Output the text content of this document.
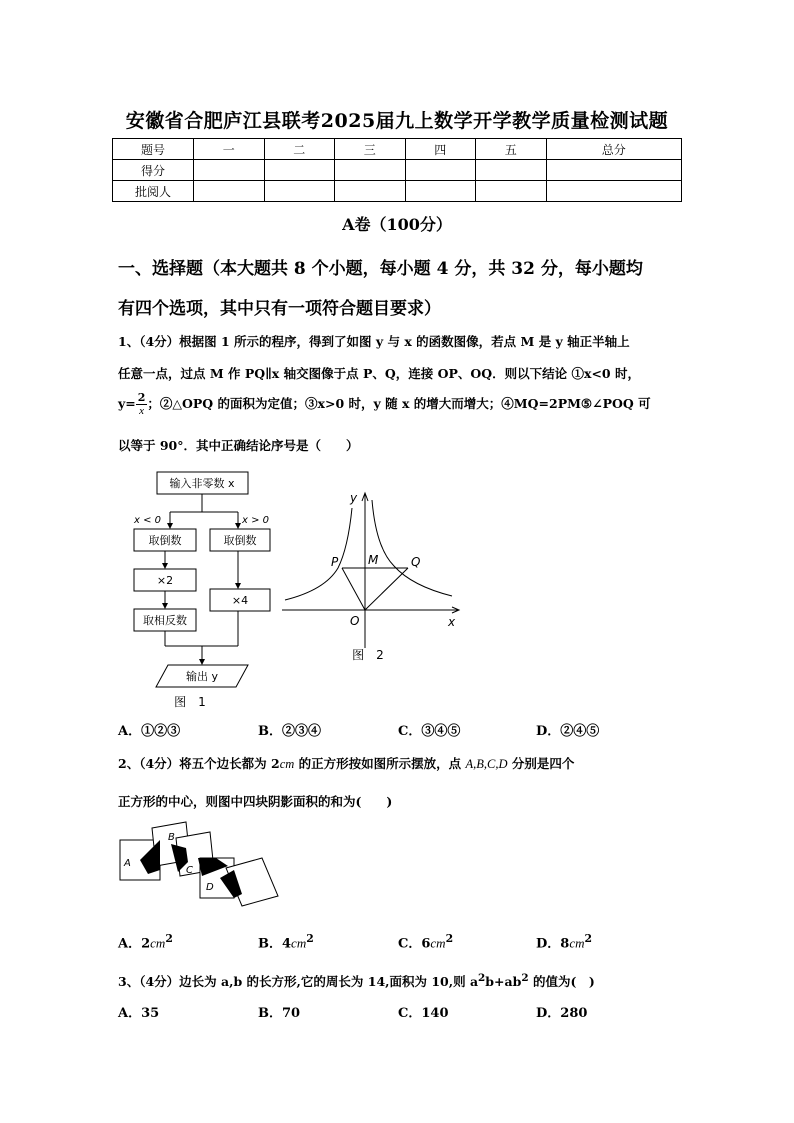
安徽省合肥庐江县联考2025届九上数学开学教学质量检测试题
题号	一	二	三	四	五	总分
得分						
批阅人						
A卷（100分）
一、选择题（本大题共 8 个小题，每小题 4 分，共 32 分，每小题均
有四个选项，其中只有一项符合题目要求）
1、（4分）根据图 1 所示的程序，得到了如图 y 与 x 的函数图像，若点 M 是 y 轴正半轴上
任意一点，过点 M 作 PQ∥x 轴交图像于点 P、Q，连接 OP、OQ．则以下结论 ①x<0 时，
$y= \frac{2}{x}$ ；②△OPQ 的面积为定值；③x>0 时，y 随 x 的增大而增大；④MQ=2PM⑤∠POQ 可
以等于 90°．其中正确结论序号是（　　）
输入非零数 x
x < 0	x > 0
取倒数	取倒数
×2
取相反数
×4
输出 y
图　1
y
x
O
P M	Q
图　2
A．①②③	B．②③④	C．③④⑤	D．②④⑤
2、（4分）将五个边长都为 2cm 的正方形按如图所示摆放，点 A,B,C,D 分别是四个
正方形的中心，则图中四块阴影面积的和为(　　)
A
B
C
D
A．$2cm^2$	B．$4cm^2$	C．$6cm^2$	D．$8cm^2$
3、（4分）边长为 a,b 的长方形,它的周长为 14,面积为 10,则 $a^2b+ab^2$ 的值为(　)
A．35	B．70	C．140	D．280
